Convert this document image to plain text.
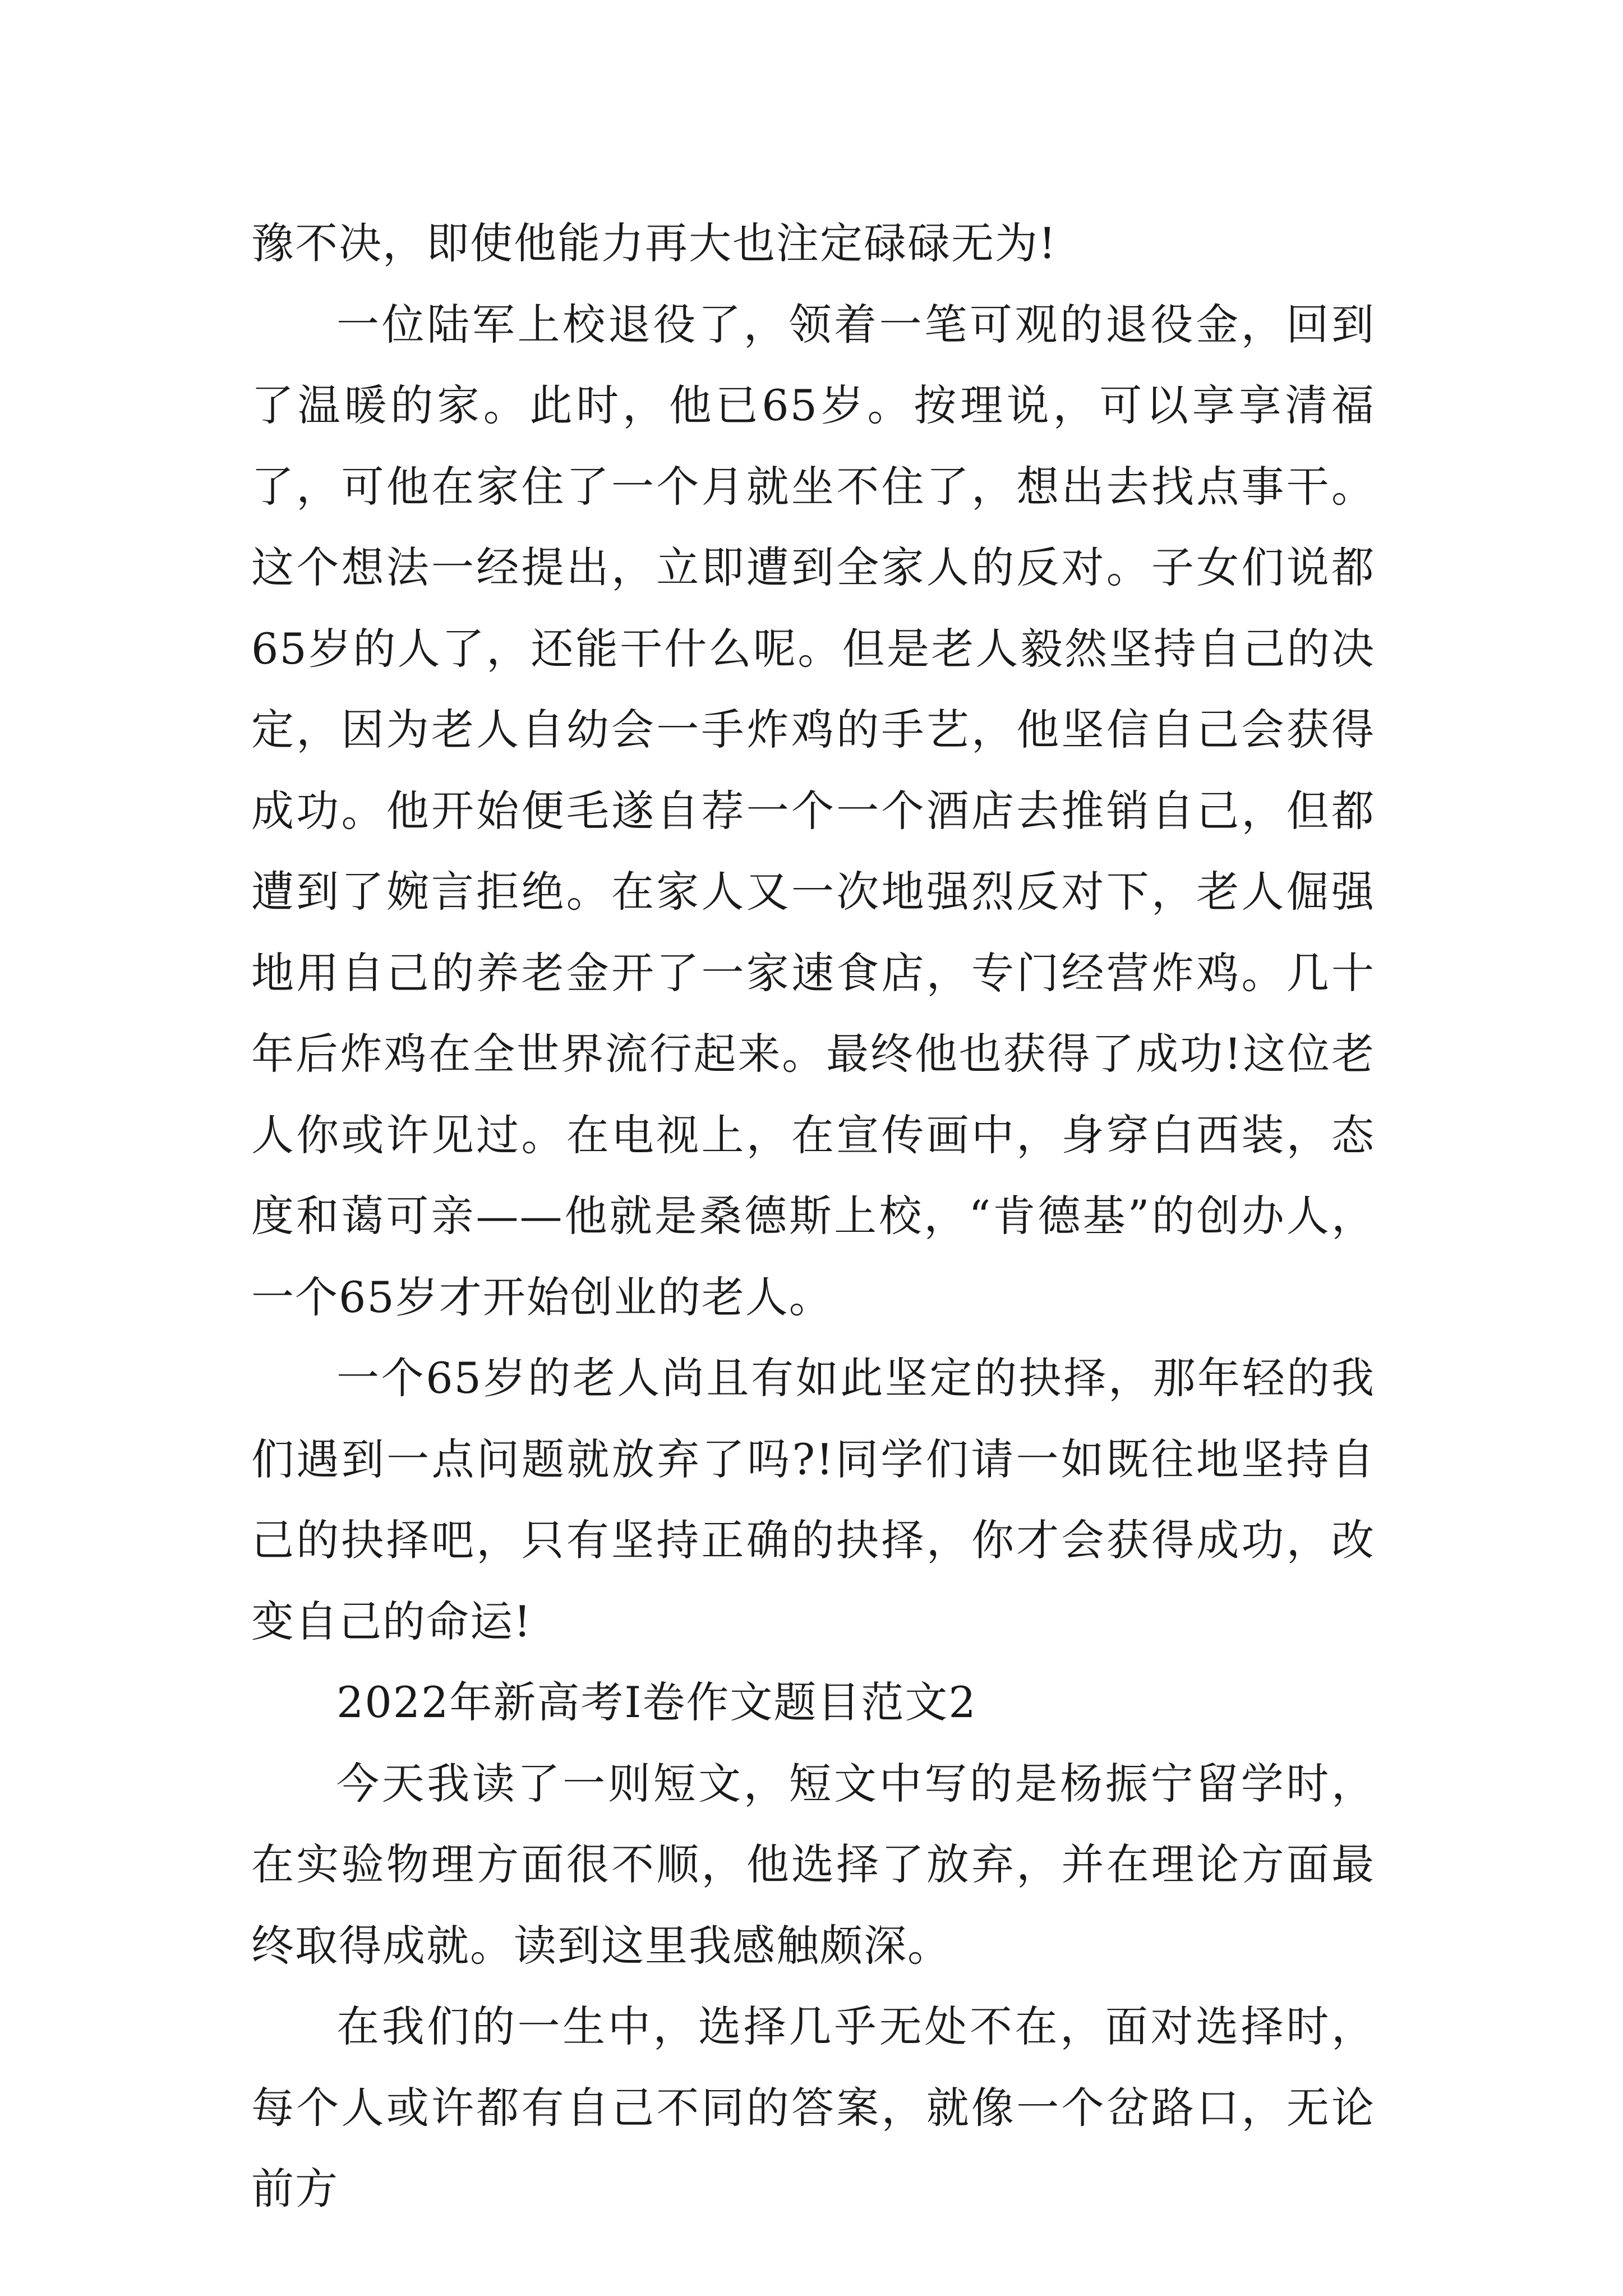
豫不决，即使他能力再大也注定碌碌无为!

一位陆军上校退役了，领着一笔可观的退役金，回到了温暖的家。此时，他已65岁。按理说，可以享享清福了，可他在家住了一个月就坐不住了，想出去找点事干。这个想法一经提出，立即遭到全家人的反对。子女们说都65岁的人了，还能干什么呢。但是老人毅然坚持自己的决定，因为老人自幼会一手炸鸡的手艺，他坚信自己会获得成功。他开始便毛遂自荐一个一个酒店去推销自己，但都遭到了婉言拒绝。在家人又一次地强烈反对下，老人倔强地用自己的养老金开了一家速食店，专门经营炸鸡。几十年后炸鸡在全世界流行起来。最终他也获得了成功!这位老人你或许见过。在电视上，在宣传画中，身穿白西装，态度和蔼可亲——他就是桑德斯上校，“肯德基”的创办人，一个65岁才开始创业的老人。

一个65岁的老人尚且有如此坚定的抉择，那年轻的我们遇到一点问题就放弃了吗?!同学们请一如既往地坚持自己的抉择吧，只有坚持正确的抉择，你才会获得成功，改变自己的命运!

2022年新高考Ⅰ卷作文题目范文2

今天我读了一则短文，短文中写的是杨振宁留学时，在实验物理方面很不顺，他选择了放弃，并在理论方面最终取得成就。读到这里我感触颇深。

在我们的一生中，选择几乎无处不在，面对选择时，每个人或许都有自己不同的答案，就像一个岔路口，无论前方
